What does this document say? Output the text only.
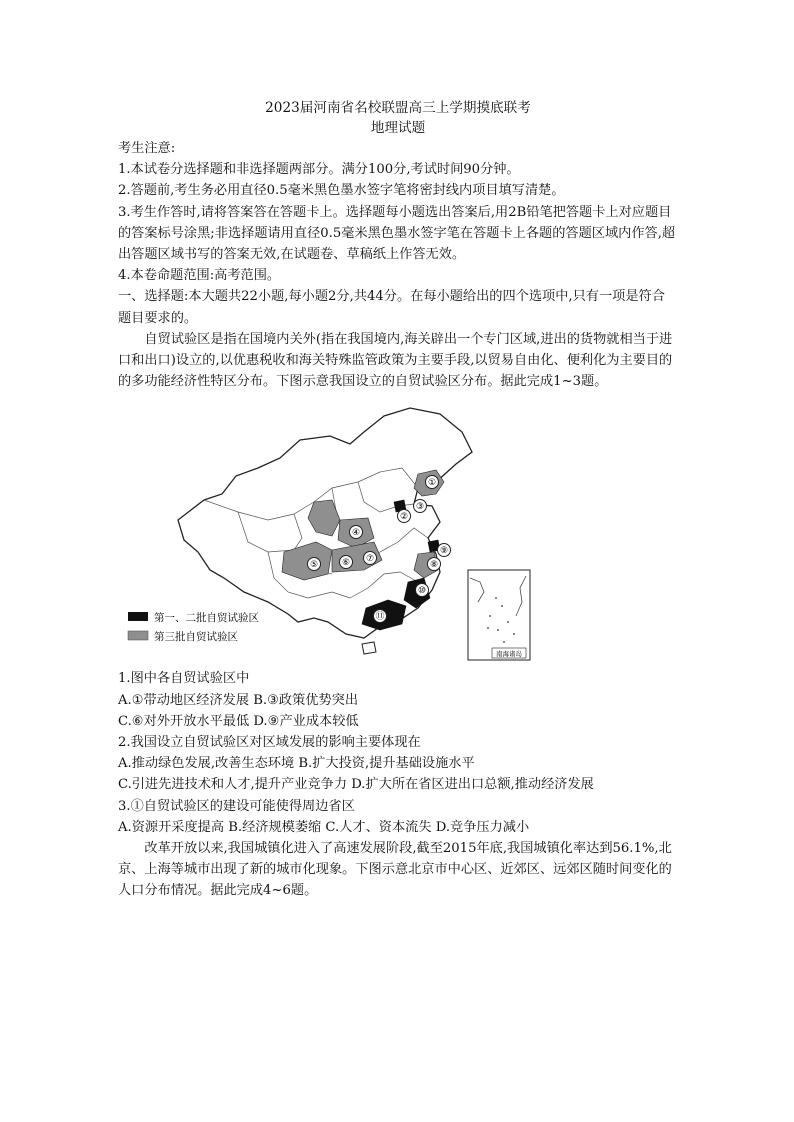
2023届河南省名校联盟高三上学期摸底联考
地理试题

考生注意:

1.本试卷分选择题和非选择题两部分。满分100分,考试时间90分钟。

2.答题前,考生务必用直径0.5毫米黑色墨水签字笔将密封线内项目填写清楚。

3.考生作答时,请将答案答在答题卡上。选择题每小题选出答案后,用2B铅笔把答题卡上对应题目的答案标号涂黑;非选择题请用直径0.5毫米黑色墨水签字笔在答题卡上各题的答题区域内作答,超出答题区域书写的答案无效,在试题卷、草稿纸上作答无效。

4.本卷命题范围:高考范围。

一、选择题:本大题共22小题,每小题2分,共44分。在每小题给出的四个选项中,只有一项是符合题目要求的。

自贸试验区是指在国境内关外(指在我国境内,海关辟出一个专门区域,进出的货物就相当于进口和出口)设立的,以优惠税收和海关特殊监管政策为主要手段,以贸易自由化、便利化为主要目的的多功能经济性特区分布。下图示意我国设立的自贸试验区分布。据此完成1~3题。

①
②
③
④
⑤	⑥ ⑦
⑧
⑨
⑩
⑪
第一、二批自贸试验区
第三批自贸试验区
南海诸岛

1.图中各自贸试验区中

A.①带动地区经济发展 B.③政策优势突出

C.⑥对外开放水平最低 D.⑨产业成本较低

2.我国设立自贸试验区对区域发展的影响主要体现在

A.推动绿色发展,改善生态环境 B.扩大投资,提升基础设施水平

C.引进先进技术和人才,提升产业竞争力 D.扩大所在省区进出口总额,推动经济发展

3.①自贸试验区的建设可能使得周边省区

A.资源开采度提高 B.经济规模萎缩 C.人才、资本流失 D.竞争压力减小

改革开放以来,我国城镇化进入了高速发展阶段,截至2015年底,我国城镇化率达到56.1%,北京、上海等城市出现了新的城市化现象。下图示意北京市中心区、近郊区、远郊区随时间变化的人口分布情况。据此完成4~6题。
